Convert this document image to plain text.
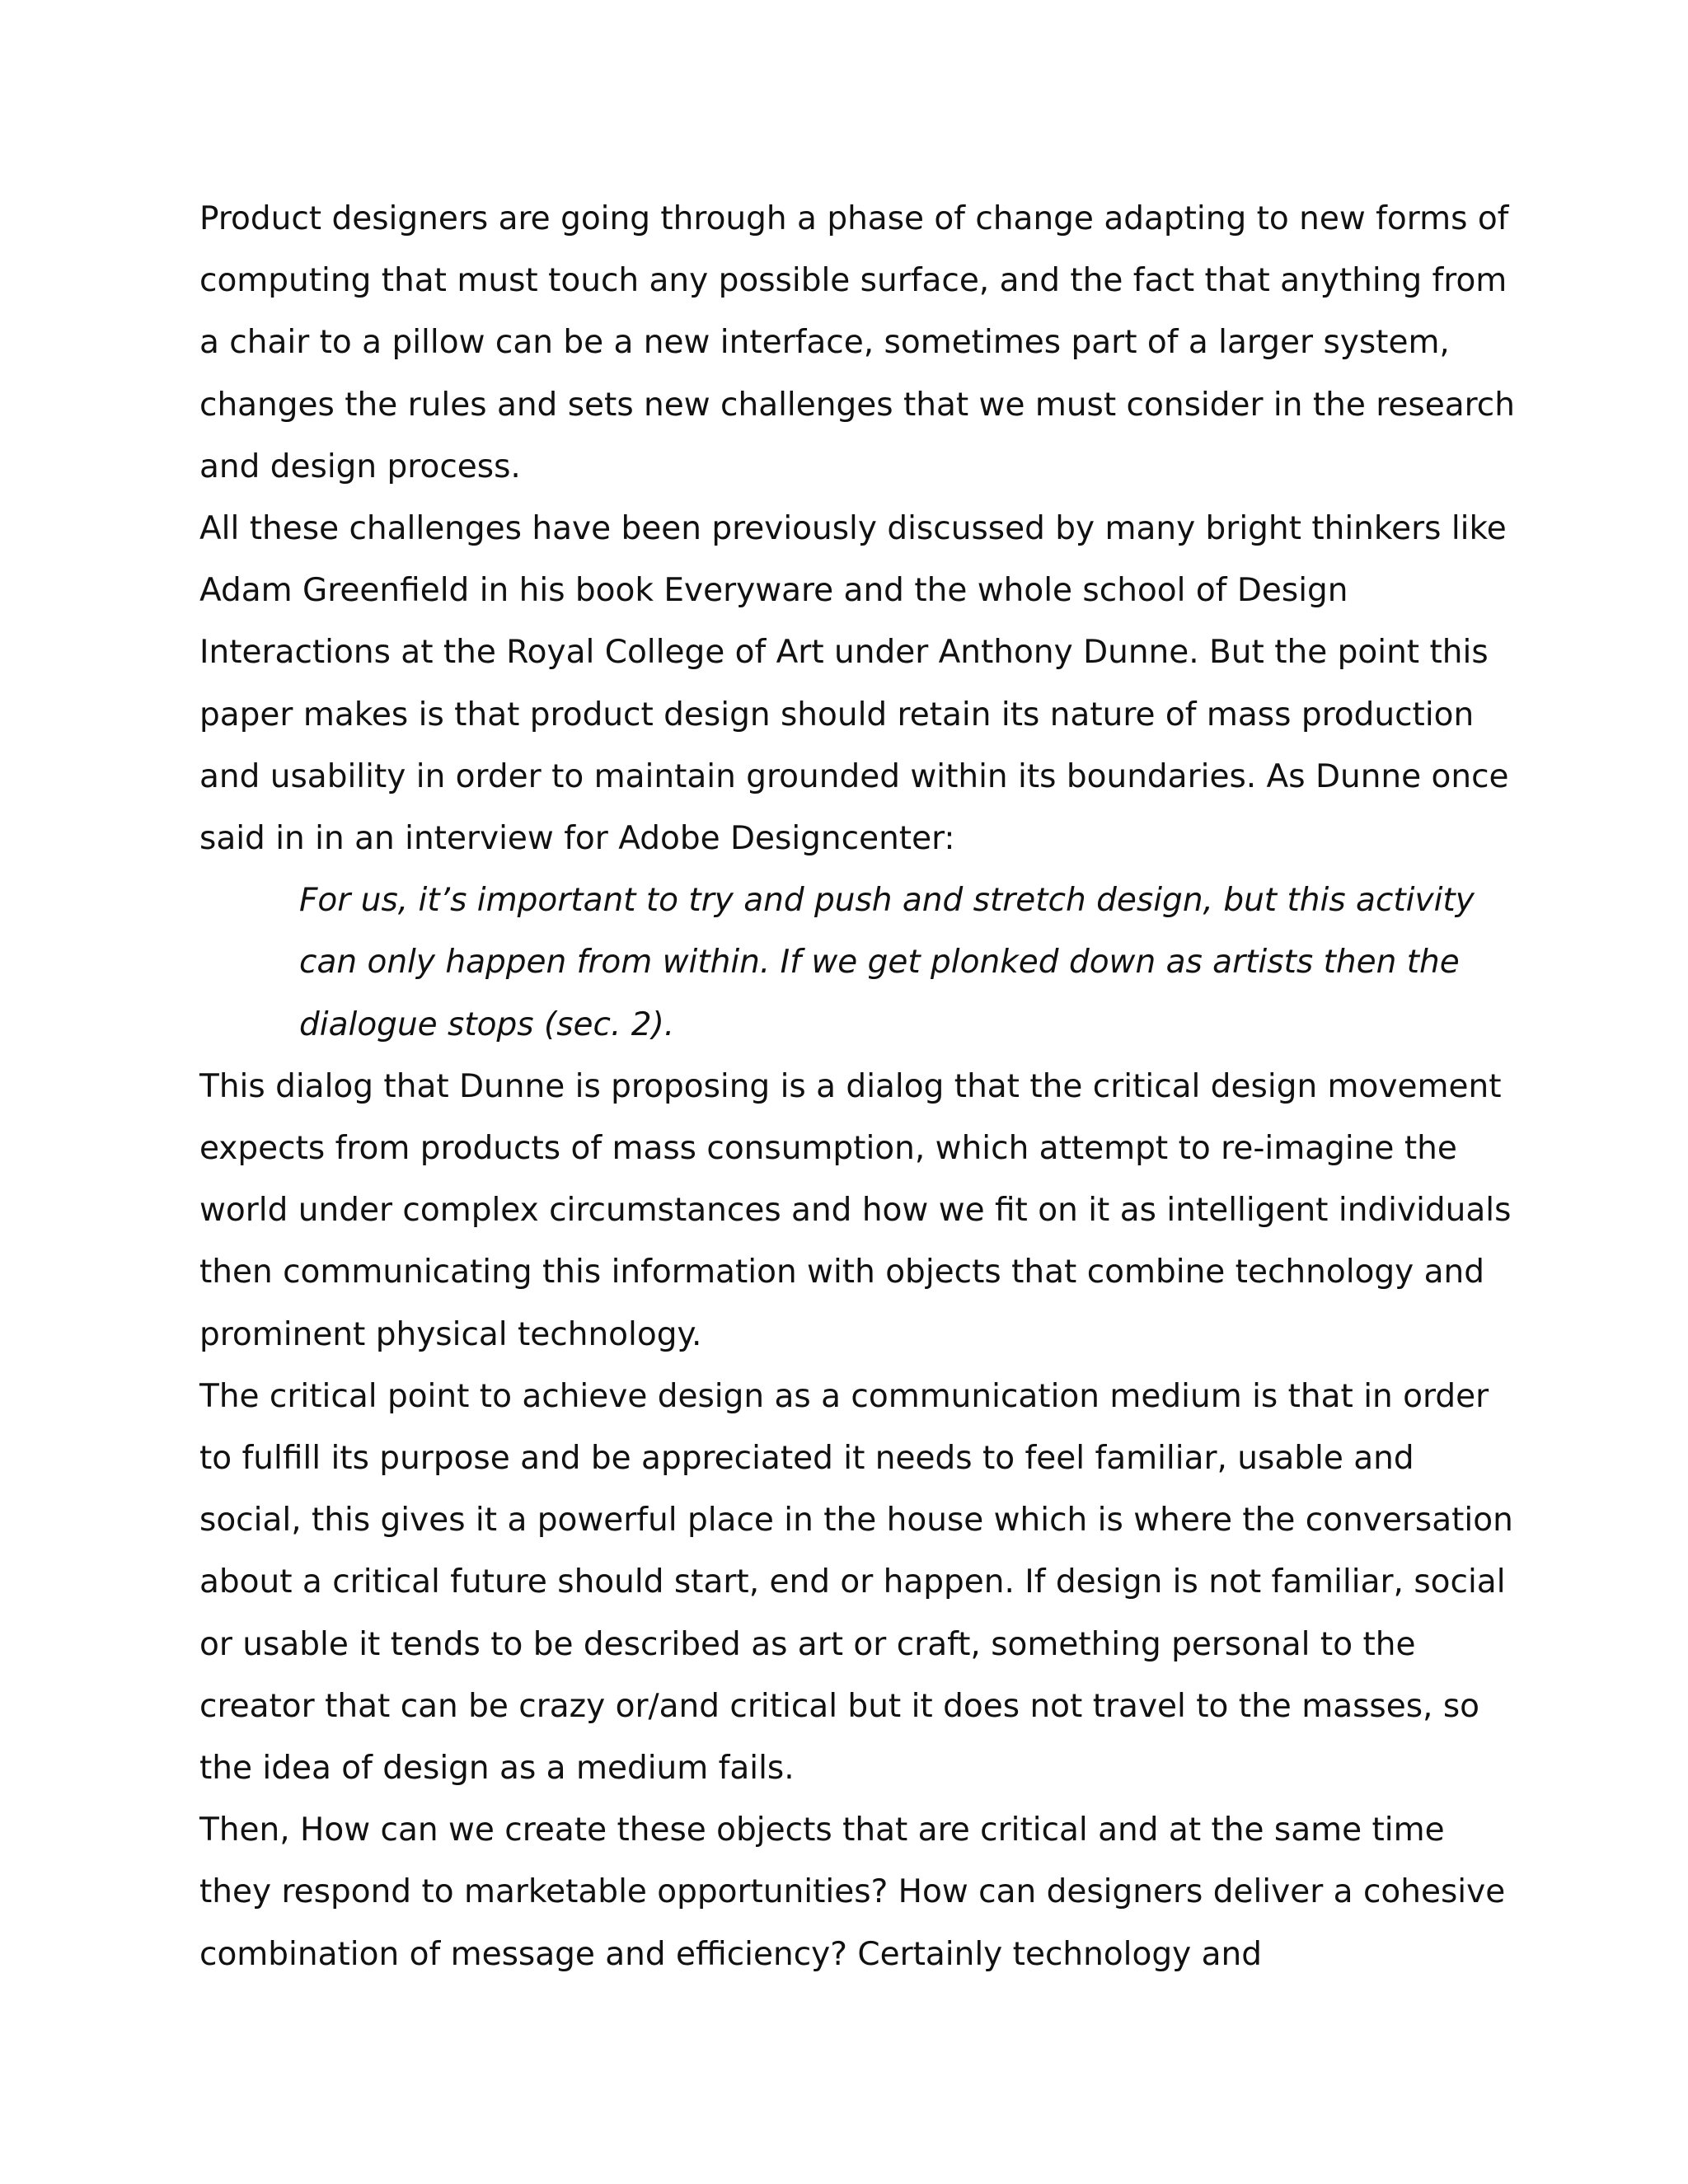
Product designers are going through a phase of change adapting to new forms of computing that must touch any possible surface, and the fact that anything from a chair to a pillow can be a new interface, sometimes part of a larger system, changes the rules and sets new challenges that we must consider in the research and design process.

All these challenges have been previously discussed by many bright thinkers like Adam Greenfield in his book Everyware and the whole school of Design Interactions at the Royal College of Art under Anthony Dunne. But the point this paper makes is that product design should retain its nature of mass production and usability in order to maintain grounded within its boundaries. As Dunne once said in in an interview for Adobe Designcenter:

For us, it’s important to try and push and stretch design, but this activity can only happen from within. If we get plonked down as artists then the dialogue stops (sec. 2).

This dialog that Dunne is proposing is a dialog that the critical design movement expects from products of mass consumption, which attempt to re-imagine the world under complex circumstances and how we fit on it as intelligent individuals then communicating this information with objects that combine technology and prominent physical technology.

The critical point to achieve design as a communication medium is that in order to fulfill its purpose and be appreciated it needs to feel familiar, usable and social, this gives it a powerful place in the house which is where the conversation about a critical future should start, end or happen. If design is not familiar, social or usable it tends to be described as art or craft, something personal to the creator that can be crazy or/and critical but it does not travel to the masses, so the idea of design as a medium fails.

Then, How can we create these objects that are critical and at the same time they respond to marketable opportunities? How can designers deliver a cohesive combination of message and efficiency? Certainly technology and
